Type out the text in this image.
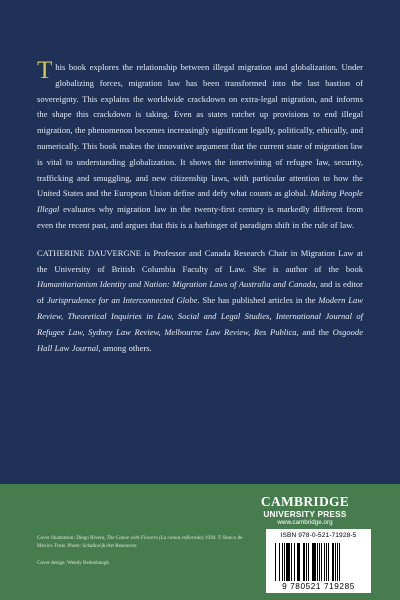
This book explores the relationship between illegal migration and globalization. Under globalizing forces, migration law has been transformed into the last bastion of sovereignty. This explains the worldwide crackdown on extra-legal migration, and informs the shape this crackdown is taking. Even as states ratchet up provisions to end illegal migration, the phenomenon becomes increasingly significant legally, politically, ethically, and numerically. This book makes the innovative argument that the current state of migration law is vital to understanding globalization. It shows the intertwining of refugee law, security, trafficking and smuggling, and new citizenship laws, with particular attention to how the United States and the European Union define and defy what counts as global. Making People Illegal evaluates why migration law in the twenty-first century is markedly different from even the recent past, and argues that this is a harbinger of paradigm shift in the rule of law.

CATHERINE DAUVERGNE is Professor and Canada Research Chair in Migration Law at the University of British Columbia Faculty of Law. She is author of the book Humanitarianism Identity and Nation: Migration Laws of Australia and Canada, and is editor of Jurisprudence for an Interconnected Globe. She has published articles in the Modern Law Review, Theoretical Inquiries in Law, Social and Legal Studies, International Journal of Refugee Law, Sydney Law Review, Melbourne Law Review, Res Publica, and the Osgoode Hall Law Journal, among others.

Cover illustration: Diego Rivera, The Canoe with Flowers (La canoa enflorada) 1939. © Banco de Mexico Trust. Photo: Schalkwijk/Art Resources
Cover design: Wendy Bedenbaugh
CAMBRIDGE
UNIVERSITY PRESS
www.cambridge.org
ISBN 978-0-521-71928-5
9 780521 719285
